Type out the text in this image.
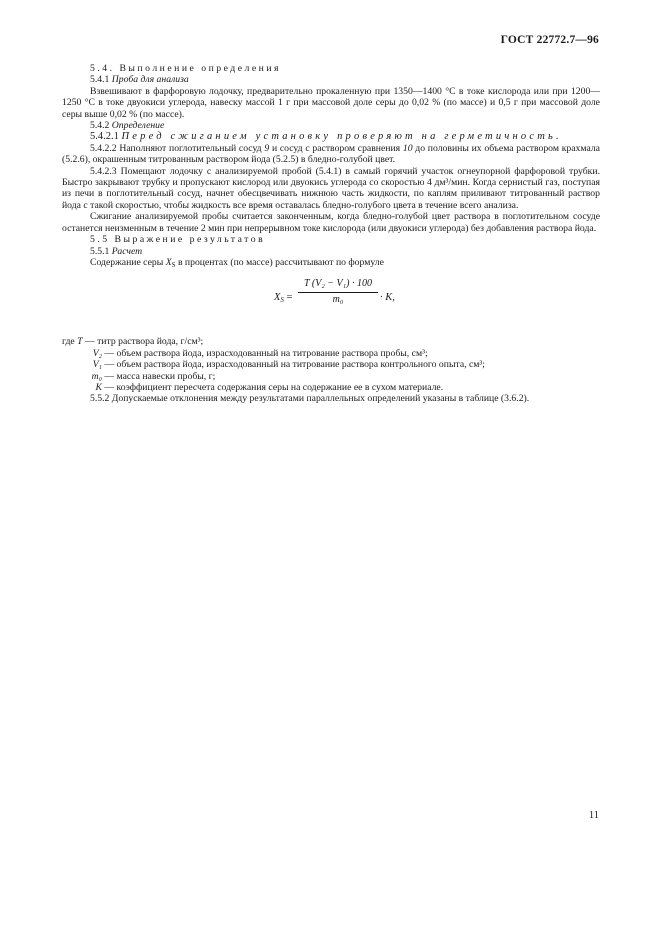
ГОСТ 22772.7—96

5.4. Выполнение определения

5.4.1 Проба для анализа

Взвешивают в фарфоровую лодочку, предварительно прокаленную при 1350—1400 °С в токе кислорода или при 1200—1250 °С в токе двуокиси углерода, навеску массой 1 г при массовой доле серы до 0,02 % (по массе) и 0,5 г при массовой доле серы выше 0,02 % (по массе).

5.4.2 Определение

5.4.2.1 Перед сжиганием установку проверяют на герметичность.

5.4.2.2 Наполняют поглотительный сосуд 9 и сосуд с раствором сравнения 10 до половины их объема раствором крахмала (5.2.6), окрашенным титрованным раствором йода (5.2.5) в бледно-голубой цвет.

5.4.2.3 Помещают лодочку с анализируемой пробой (5.4.1) в самый горячий участок огнеупорной фарфоровой трубки. Быстро закрывают трубку и пропускают кислород или двуокись углерода со скоростью 4 дм³/мин. Когда сернистый газ, поступая из печи в поглотительный сосуд, начнет обесцвечивать нижнюю часть жидкости, по каплям приливают титрованный раствор йода с такой скоростью, чтобы жидкость все время оставалась бледно-голубого цвета в течение всего анализа.

Сжигание анализируемой пробы считается законченным, когда бледно-голубой цвет раствора в поглотительном сосуде останется неизменным в течение 2 мин при непрерывном токе кислорода (или двуокиси углерода) без добавления раствора йода.

5.5 Выражение результатов

5.5.1 Расчет

Содержание серы $X_S$ в процентах (по массе) рассчитывают по формуле

$X_S = \frac{\text{T (V₂ − V₁) · 100}}{\text{m₀}} \cdot K$,

где T — титр раствора йода, г/см³;

V₂ — объем раствора йода, израсходованный на титрование раствора пробы, см³;

V₁ — объем раствора йода, израсходованный на титрование раствора контрольного опыта, см³;

m₀ — масса навески пробы, г;

K — коэффициент пересчета содержания серы на содержание ее в сухом материале.

5.5.2 Допускаемые отклонения между результатами параллельных определений указаны в таблице (3.6.2).

11
